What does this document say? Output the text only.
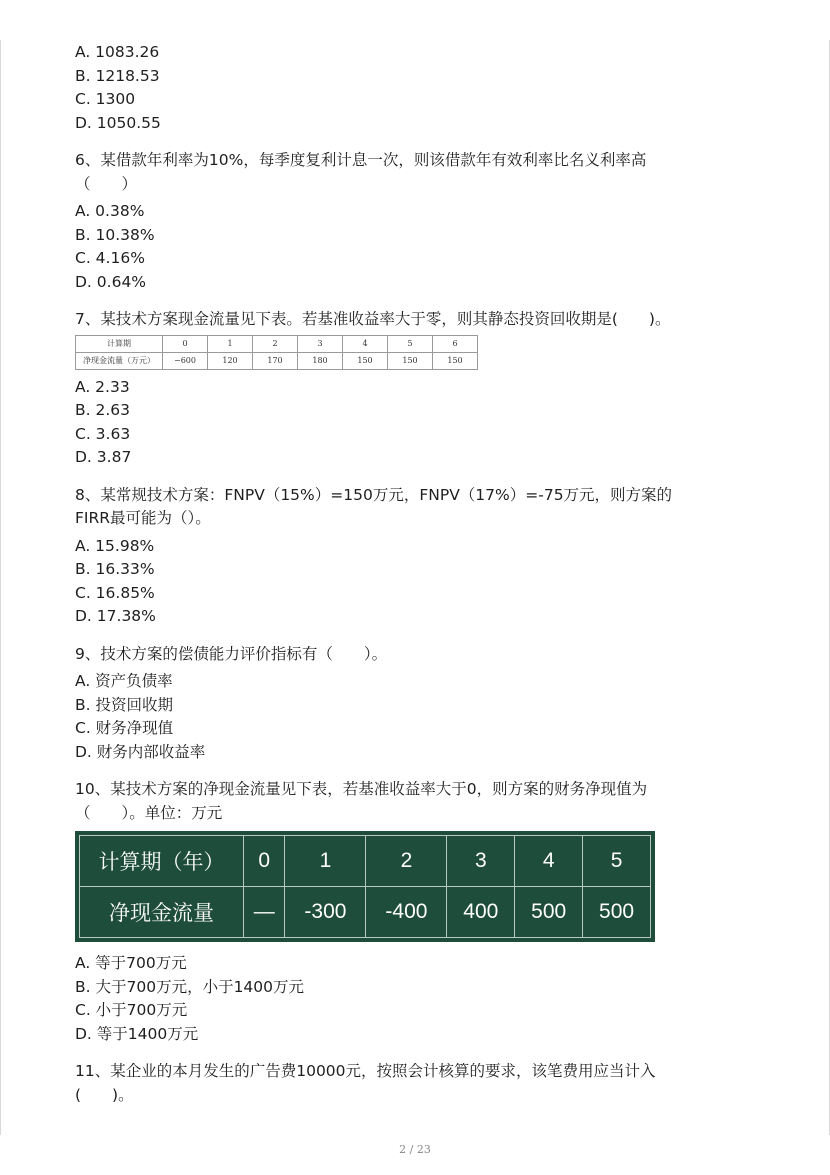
A. 1083.26
B. 1218.53
C. 1300
D. 1050.55
6、某借款年利率为10%，每季度复利计息一次，则该借款年有效利率比名义利率高
（　　）
A. 0.38%
B. 10.38%
C. 4.16%
D. 0.64%
7、某技术方案现金流量见下表。若基准收益率大于零，则其静态投资回收期是(　　)。
计算期	0	1	2	3	4	5	6
净现金流量（万元）	−600	120	170	180	150	150	150
A. 2.33
B. 2.63
C. 3.63
D. 3.87
8、某常规技术方案：FNPV（15%）=150万元，FNPV（17%）=-75万元，则方案的
FIRR最可能为（）。
A. 15.98%
B. 16.33%
C. 16.85%
D. 17.38%
9、技术方案的偿债能力评价指标有（　　）。
A. 资产负债率
B. 投资回收期
C. 财务净现值
D. 财务内部收益率
10、某技术方案的净现金流量见下表，若基准收益率大于0，则方案的财务净现值为
（　　）。单位：万元
计算期（年）	0	1	2	3	4	5
净现金流量	—	-300	-400	400	500	500
A. 等于700万元
B. 大于700万元，小于1400万元
C. 小于700万元
D. 等于1400万元
11、某企业的本月发生的广告费10000元，按照会计核算的要求，该笔费用应当计入
(　　)。
2 / 23
